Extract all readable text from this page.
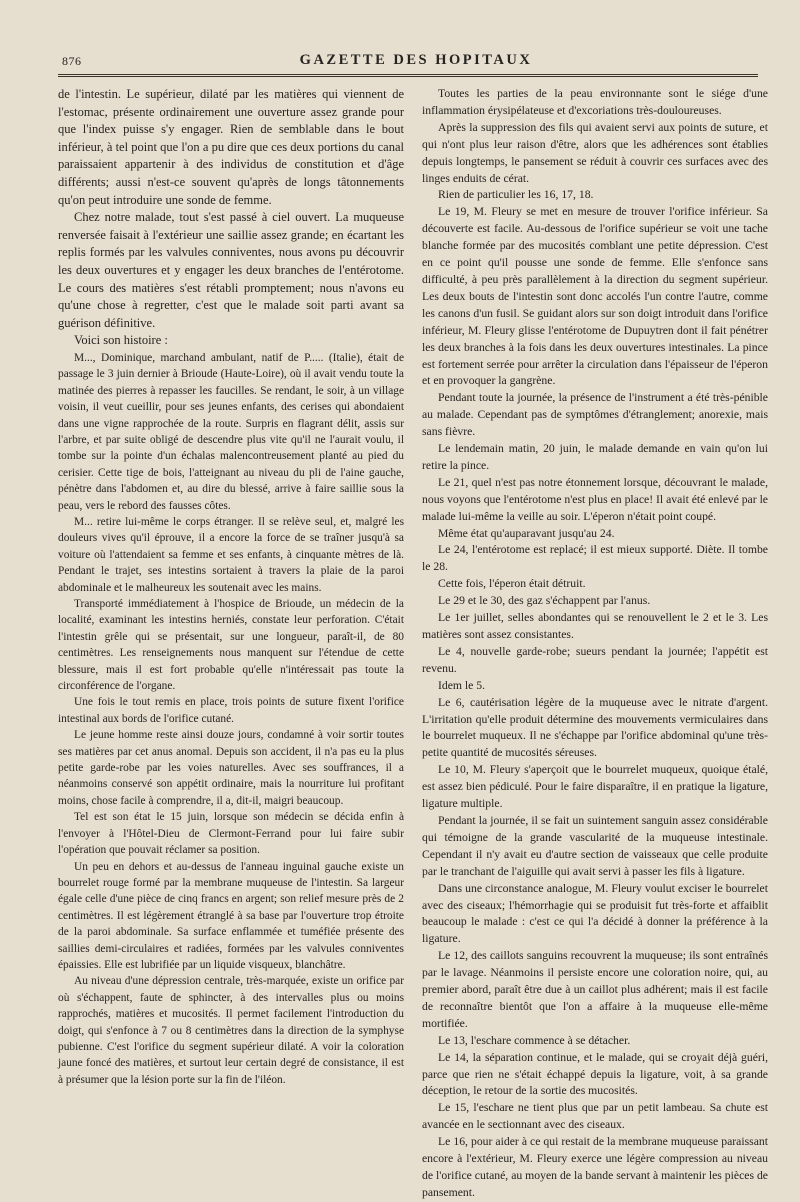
876	GAZETTE DES HOPITAUX

de l'intestin. Le supérieur, dilaté par les matières qui viennent de l'estomac, présente ordinairement une ouverture assez grande pour que l'index puisse s'y engager. Rien de semblable dans le bout inférieur, à tel point que l'on a pu dire que ces deux portions du canal paraissaient appartenir à des individus de constitution et d'âge différents; aussi n'est-ce souvent qu'après de longs tâtonnements qu'on peut introduire une sonde de femme.

Chez notre malade, tout s'est passé à ciel ouvert. La muqueuse renversée faisait à l'extérieur une saillie assez grande; en écartant les replis formés par les valvules conniventes, nous avons pu découvrir les deux ouvertures et y engager les deux branches de l'entérotome. Le cours des matières s'est rétabli promptement; nous n'avons eu qu'une chose à regretter, c'est que le malade soit parti avant sa guérison définitive.

Voici son histoire :

M..., Dominique, marchand ambulant, natif de P..... (Italie), était de passage le 3 juin dernier à Brioude (Haute-Loire), où il avait vendu toute la matinée des pierres à repasser les faucilles. Se rendant, le soir, à un village voisin, il veut cueillir, pour ses jeunes enfants, des cerises qui abondaient dans une vigne rapprochée de la route. Surpris en flagrant délit, assis sur l'arbre, et par suite obligé de descendre plus vite qu'il ne l'aurait voulu, il tombe sur la pointe d'un échalas malencontreusement planté au pied du cerisier. Cette tige de bois, l'atteignant au niveau du pli de l'aine gauche, pénètre dans l'abdomen et, au dire du blessé, arrive à faire saillie sous la peau, vers le rebord des fausses côtes.

M... retire lui-même le corps étranger. Il se relève seul, et, malgré les douleurs vives qu'il éprouve, il a encore la force de se traîner jusqu'à sa voiture où l'attendaient sa femme et ses enfants, à cinquante mètres de là. Pendant le trajet, ses intestins sortaient à travers la plaie de la paroi abdominale et le malheureux les soutenait avec les mains.

Transporté immédiatement à l'hospice de Brioude, un médecin de la localité, examinant les intestins herniés, constate leur perforation. C'était l'intestin grêle qui se présentait, sur une longueur, paraît-il, de 80 centimètres. Les renseignements nous manquent sur l'étendue de cette blessure, mais il est fort probable qu'elle n'intéressait pas toute la circonférence de l'organe.

Une fois le tout remis en place, trois points de suture fixent l'orifice intestinal aux bords de l'orifice cutané.

Le jeune homme reste ainsi douze jours, condamné à voir sortir toutes ses matières par cet anus anomal. Depuis son accident, il n'a pas eu la plus petite garde-robe par les voies naturelles. Avec ses souffrances, il a néanmoins conservé son appétit ordinaire, mais la nourriture lui profitant moins, chose facile à comprendre, il a, dit-il, maigri beaucoup.

Tel est son état le 15 juin, lorsque son médecin se décida enfin à l'envoyer à l'Hôtel-Dieu de Clermont-Ferrand pour lui faire subir l'opération que pouvait réclamer sa position.

Un peu en dehors et au-dessus de l'anneau inguinal gauche existe un bourrelet rouge formé par la membrane muqueuse de l'intestin. Sa largeur égale celle d'une pièce de cinq francs en argent; son relief mesure près de 2 centimètres. Il est légèrement étranglé à sa base par l'ouverture trop étroite de la paroi abdominale. Sa surface enflammée et tuméfiée présente des saillies demi-circulaires et radiées, formées par les valvules conniventes épaissies. Elle est lubrifiée par un liquide visqueux, blanchâtre.

Au niveau d'une dépression centrale, très-marquée, existe un orifice par où s'échappent, faute de sphincter, à des intervalles plus ou moins rapprochés, matières et mucosités. Il permet facilement l'introduction du doigt, qui s'enfonce à 7 ou 8 centimètres dans la direction de la symphyse pubienne. C'est l'orifice du segment supérieur dilaté. A voir la coloration jaune foncé des matières, et surtout leur certain degré de consistance, il est à présumer que la lésion porte sur la fin de l'iléon.

Toutes les parties de la peau environnante sont le siége d'une inflammation érysipélateuse et d'excoriations très-douloureuses.

Après la suppression des fils qui avaient servi aux points de suture, et qui n'ont plus leur raison d'être, alors que les adhérences sont établies depuis longtemps, le pansement se réduit à couvrir ces surfaces avec des linges enduits de cérat.

Rien de particulier les 16, 17, 18.

Le 19, M. Fleury se met en mesure de trouver l'orifice inférieur. Sa découverte est facile. Au-dessous de l'orifice supérieur se voit une tache blanche formée par des mucosités comblant une petite dépression. C'est en ce point qu'il pousse une sonde de femme. Elle s'enfonce sans difficulté, à peu près parallèlement à la direction du segment supérieur. Les deux bouts de l'intestin sont donc accolés l'un contre l'autre, comme les canons d'un fusil. Se guidant alors sur son doigt introduit dans l'orifice inférieur, M. Fleury glisse l'entérotome de Dupuytren dont il fait pénétrer les deux branches à la fois dans les deux ouvertures intestinales. La pince est fortement serrée pour arrêter la circulation dans l'épaisseur de l'éperon et en provoquer la gangrène.

Pendant toute la journée, la présence de l'instrument a été très-pénible au malade. Cependant pas de symptômes d'étranglement; anorexie, mais sans fièvre.

Le lendemain matin, 20 juin, le malade demande en vain qu'on lui retire la pince.

Le 21, quel n'est pas notre étonnement lorsque, découvrant le malade, nous voyons que l'entérotome n'est plus en place! Il avait été enlevé par le malade lui-même la veille au soir. L'éperon n'était point coupé.

Même état qu'auparavant jusqu'au 24.

Le 24, l'entérotome est replacé; il est mieux supporté. Diète. Il tombe le 28.

Cette fois, l'éperon était détruit.

Le 29 et le 30, des gaz s'échappent par l'anus.

Le 1er juillet, selles abondantes qui se renouvellent le 2 et le 3. Les matières sont assez consistantes.

Le 4, nouvelle garde-robe; sueurs pendant la journée; l'appétit est revenu.

Idem le 5.

Le 6, cautérisation légère de la muqueuse avec le nitrate d'argent. L'irritation qu'elle produit détermine des mouvements vermiculaires dans le bourrelet muqueux. Il ne s'échappe par l'orifice abdominal qu'une très-petite quantité de mucosités séreuses.

Le 10, M. Fleury s'aperçoit que le bourrelet muqueux, quoique étalé, est assez bien pédiculé. Pour le faire disparaître, il en pratique la ligature, ligature multiple.

Pendant la journée, il se fait un suintement sanguin assez considérable qui témoigne de la grande vascularité de la muqueuse intestinale. Cependant il n'y avait eu d'autre section de vaisseaux que celle produite par le tranchant de l'aiguille qui avait servi à passer les fils à ligature.

Dans une circonstance analogue, M. Fleury voulut exciser le bourrelet avec des ciseaux; l'hémorrhagie qui se produisit fut très-forte et affaiblit beaucoup le malade : c'est ce qui l'a décidé à donner la préférence à la ligature.

Le 12, des caillots sanguins recouvrent la muqueuse; ils sont entraînés par le lavage. Néanmoins il persiste encore une coloration noire, qui, au premier abord, paraît être due à un caillot plus adhérent; mais il est facile de reconnaître bientôt que l'on a affaire à la muqueuse elle-même mortifiée.

Le 13, l'eschare commence à se détacher.

Le 14, la séparation continue, et le malade, qui se croyait déjà guéri, parce que rien ne s'était échappé depuis la ligature, voit, à sa grande déception, le retour de la sortie des mucosités.

Le 15, l'eschare ne tient plus que par un petit lambeau. Sa chute est avancée en le sectionnant avec des ciseaux.

Le 16, pour aider à ce qui restait de la membrane muqueuse paraissant encore à l'extérieur, M. Fleury exerce une légère compression au niveau de l'orifice cutané, au moyen de la bande servant à maintenir les pièces de pansement.
